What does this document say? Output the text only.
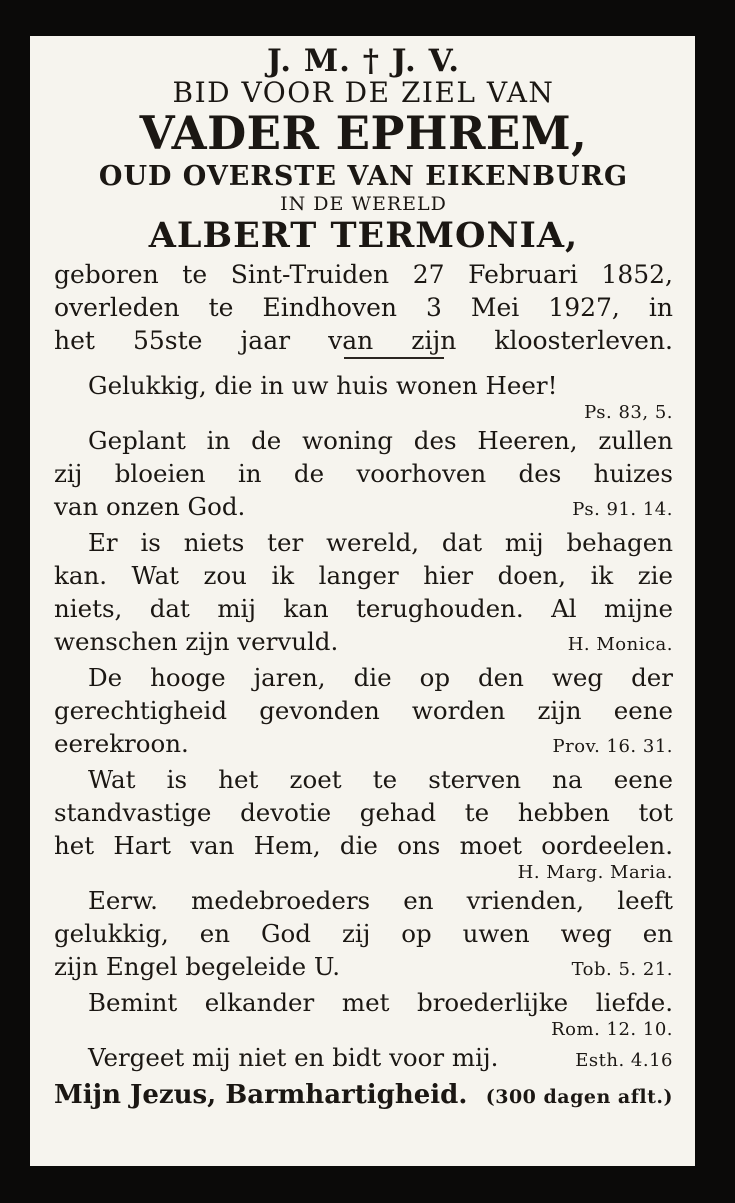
J. M. † J. V.
BID VOOR DE ZIEL VAN
VADER EPHREM,
OUD OVERSTE VAN EIKENBURG
IN DE WERELD
ALBERT TERMONIA,
geboren te Sint-Truiden 27 Februari 1852,
overleden te Eindhoven 3 Mei 1927, in
het 55ste jaar van zijn kloosterleven.
Gelukkig, die in uw huis wonen Heer!
Ps. 83, 5.
Geplant in de woning des Heeren, zullen
zij bloeien in de voorhoven des huizes
van onzen God.	Ps. 91. 14.
Er is niets ter wereld, dat mij behagen
kan. Wat zou ik langer hier doen, ik zie
niets, dat mij kan terughouden. Al mijne
wenschen zijn vervuld.	H. Monica.
De hooge jaren, die op den weg der
gerechtigheid gevonden worden zijn eene
eerekroon.	Prov. 16. 31.
Wat is het zoet te sterven na eene
standvastige devotie gehad te hebben tot
het Hart van Hem, die ons moet oordeelen.
H. Marg. Maria.
Eerw. medebroeders en vrienden, leeft
gelukkig, en God zij op uwen weg en
zijn Engel begeleide U.	Tob. 5. 21.
Bemint elkander met broederlijke liefde.
Rom. 12. 10.
Vergeet mij niet en bidt voor mij.	Esth. 4.16
Mijn Jezus, Barmhartigheid. (300 dagen aflt.)
